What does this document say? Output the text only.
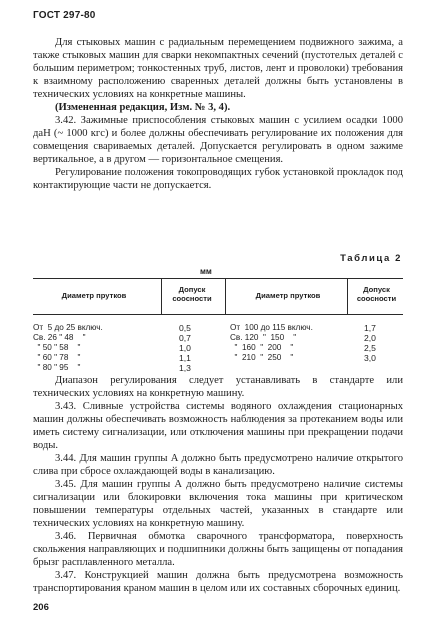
ГОСТ 297-80

Для стыковых машин с радиальным перемещением подвижного зажима, а также стыковых машин для сварки некомпактных сечений (пустотелых деталей с большим периметром; тонкостенных труб, листов, лент и проволоки) требования к взаимному расположению сваренных деталей должны быть установлены в технических условиях на конкретные машины.

(Измененная редакция, Изм. № 3, 4).

3.42. Зажимные приспособления стыковых машин с усилием осадки 1000 даН (~ 1000 кгс) и более должны обеспечивать регулирование их положения для совмещения свариваемых деталей. Допускается регулировать в одном зажиме вертикальное, а в другом — горизонтальное смещения.

Регулирование положения токопроводящих губок установкой прокладок под контактирующие части не допускается.

Таблица 2
мм
Диаметр прутков
Допуск соосности	Диаметр прутков
Допуск соосности
От  5 до 25 включ.
Св. 26 " 48    "
" 50 " 58    "
" 60 " 78    "
" 80 " 95    "
0,5
0,7
1,0
1,1
1,3
От  100 до 115 включ.
Св. 120  "  150    "
"  160  "  200    "
"  210  "  250    "
1,7
2,0
2,5
3,0

Диапазон регулирования следует устанавливать в стандарте или технических условиях на конкретную машину.

3.43. Сливные устройства системы водяного охлаждения стационарных машин должны обеспечивать возможность наблюдения за протеканием воды или иметь систему сигнализации, или отключения машины при прекращении подачи воды.

3.44. Для машин группы А должно быть предусмотрено наличие открытого слива при сбросе охлаждающей воды в канализацию.

3.45. Для машин группы А должно быть предусмотрено наличие системы сигнализации или блокировки включения тока машины при критическом повышении температуры отдельных частей, указанных в стандарте или технических условиях на конкретную машину.

3.46. Первичная обмотка сварочного трансформатора, поверхность скольжения направляющих и подшипники должны быть защищены от попадания брызг расплавленного металла.

3.47. Конструкцией машин должна быть предусмотрена возможность транспортирования краном машин в целом или их составных сборочных единиц.

206
